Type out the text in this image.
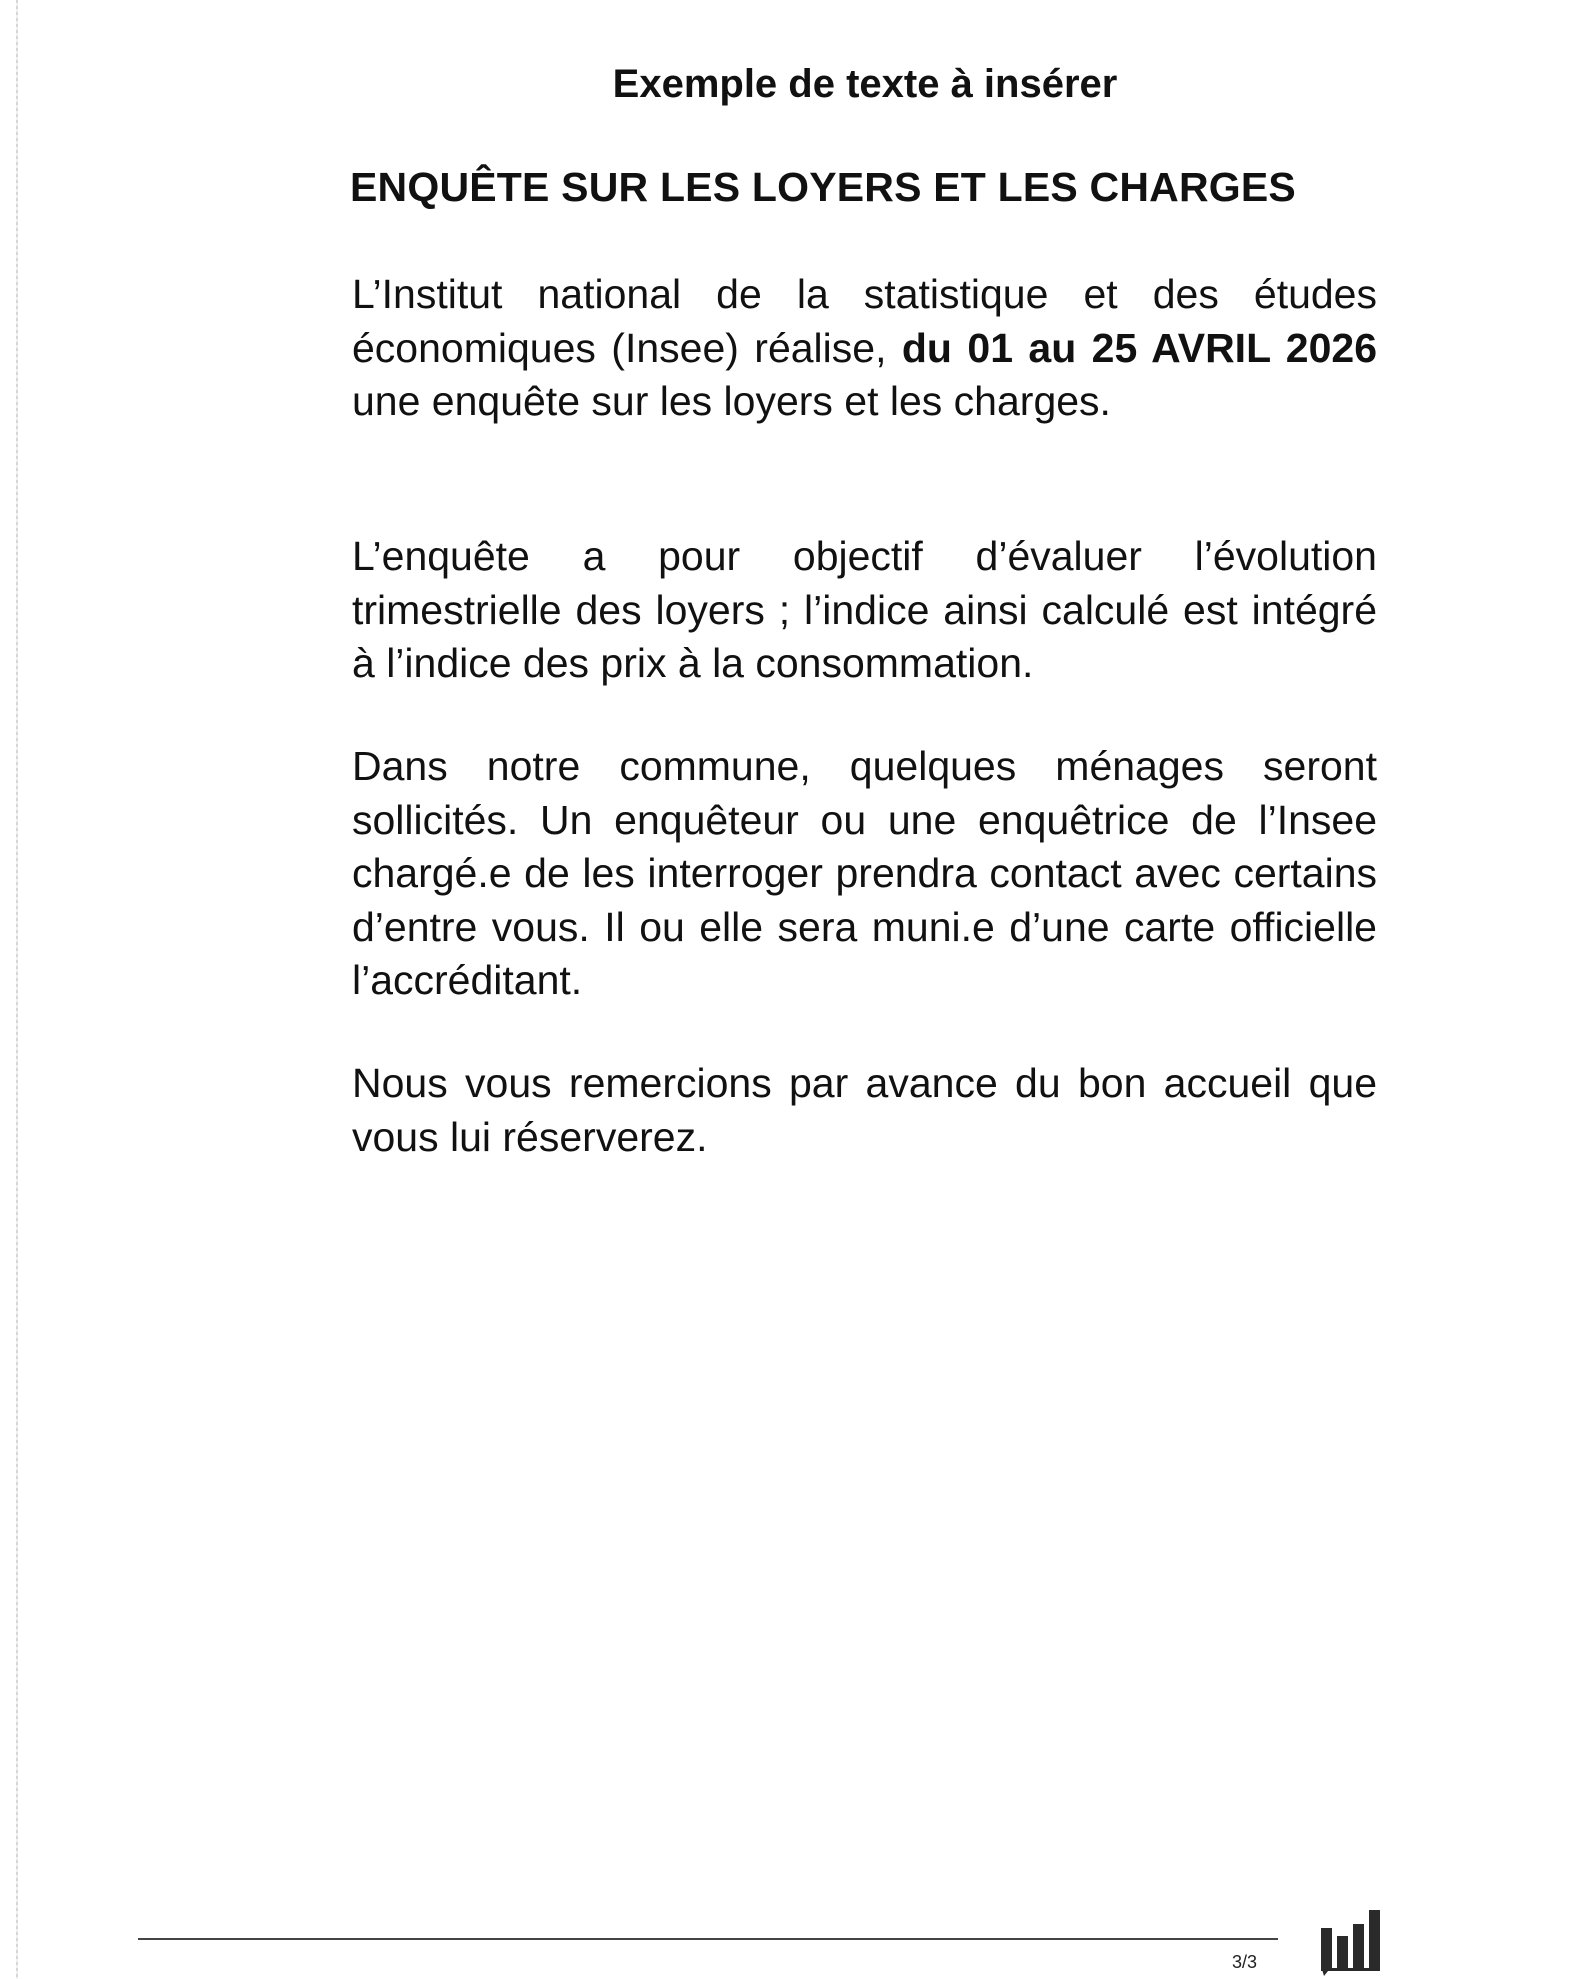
Exemple de texte à insérer
ENQUÊTE SUR LES LOYERS ET LES CHARGES

L’Institut national de la statistique et des études économiques (Insee) réalise, du 01 au 25 AVRIL 2026 une enquête sur les loyers et les charges.

L’enquête a pour objectif d’évaluer l’évolution trimestrielle des loyers ; l’indice ainsi calculé est intégré à l’indice des prix à la consommation.

Dans notre commune, quelques ménages seront sollicités. Un enquêteur ou une enquêtrice de l’Insee chargé.e de les interroger prendra contact avec certains d’entre vous. Il ou elle sera muni.e d’une carte officielle l’accréditant.

Nous vous remercions par avance du bon accueil que vous lui réserverez.

3/3
